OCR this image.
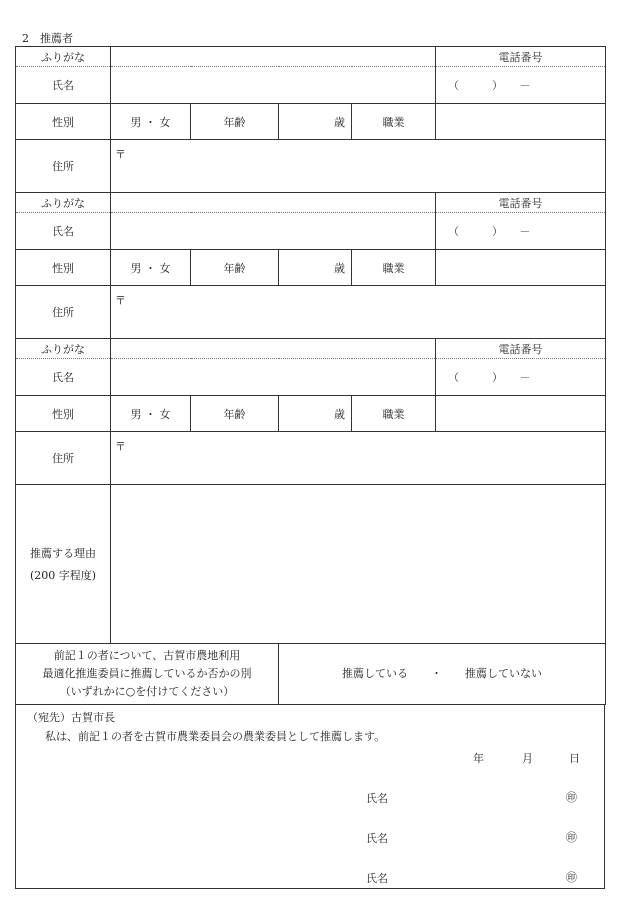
2　推薦者
ふりがな					電話番号
氏名					（　　　）　　－
性別	男 ・ 女	年齢	歳	職業	
住所	〒				
ふりがな					電話番号
氏名					（　　　）　　－
性別	男 ・ 女	年齢	歳	職業	
住所	〒				
ふりがな					電話番号
氏名					（　　　）　　－
性別	男 ・ 女	年齢	歳	職業	
住所	〒				

推薦する理由
(200 字程度)					

前記１の者について、古賀市農地利用
最適化推進委員に推薦しているか否かの別
（いずれかに○を付けてください）			推薦している ・ 推薦していない		
（宛先）古賀市長
私は、前記１の者を古賀市農業委員会の農業委員として推薦します。
年	月	日
氏名	㊞
氏名	㊞
氏名	㊞
